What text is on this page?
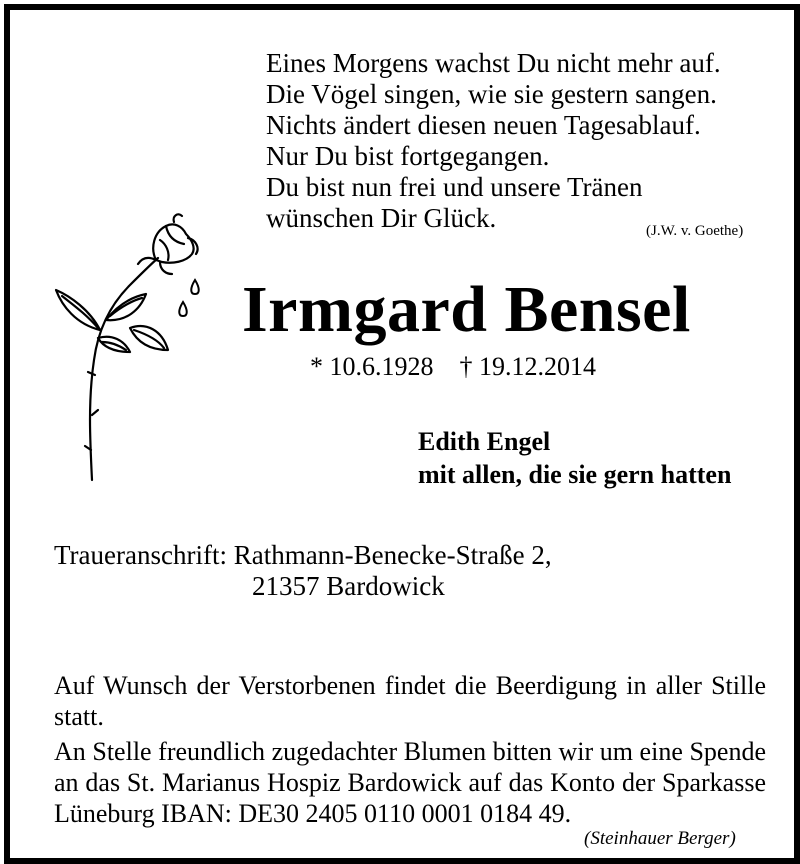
Eines Morgens wachst Du nicht mehr auf.
Die Vögel singen, wie sie gestern sangen.
Nichts ändert diesen neuen Tagesablauf.
Nur Du bist fortgegangen.
Du bist nun frei und unsere Tränen
wünschen Dir Glück.	(J.W. v. Goethe)
Irmgard Bensel
* 10.6.1928 † 19.12.2014
Edith Engel
mit allen, die sie gern hatten
Traueranschrift: Rathmann-Benecke-Straße 2,
21357 Bardowick

Auf Wunsch der Verstorbenen findet die Beerdigung in aller Stille statt.

An Stelle freundlich zugedachter Blumen bitten wir um eine Spende an das St. Marianus Hospiz Bardowick auf das Konto der Sparkasse Lüneburg IBAN: DE30 2405 0110 0001 0184 49.

(Steinhauer Berger)
